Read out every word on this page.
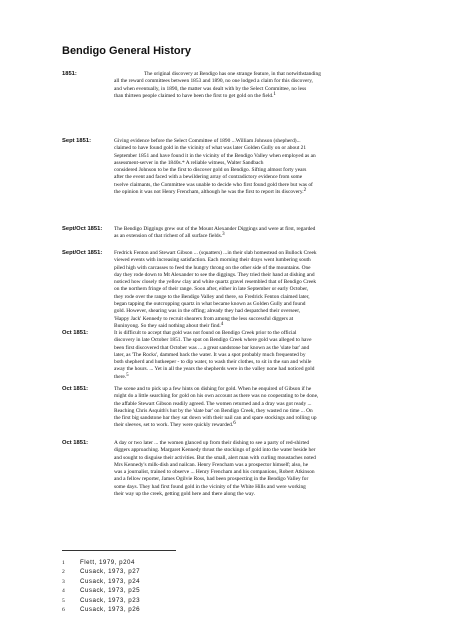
Bendigo General History
1851:	The original discovery at Bendigo has one strange feature, in that notwithstanding
all the reward committees between 1853 and 1890, no one lodged a claim for this discovery,
and when eventually, in 1890, the matter was dealt with by the Select Committee, no less
than thirteen people claimed to have been the first to get gold on the field.$^1$
Sept 1851:	Giving evidence before the Select Committee of 1890 ...William Johnson (shepherd)...
claimed to have found gold in the vicinity of what was later Golden Gully on or about 21
September 1851 and have found it in the vicinity of the Bendigo Valley when employed as an
assessment-server in the 1840s.* A reliable witness, Walter Sandbach
considered Johnson to be the first to discover gold on Bendigo. Sifting almost forty years
after the event and faced with a bewildering array of contradictory evidence from some
twelve claimants, the Committee was unable to decide who first found gold there but was of
the opinion it was not Henry Frencham, although he was the first to report its discovery.$^2$
Sept/Oct 1851:	The Bendigo Diggings grew out of the Mount Alexander Diggings and were at first, regarded
as an extension of that richest of all surface fields.$^3$
Sept/Oct 1851:	Fredrick Fenton and Stewart Gibson ... (squatters) ...in their slab homestead on Bullock Creek
viewed events with increasing satisfaction. Each morning their drays went lumbering south
piled high with carcasses to feed the hungry throng on the other side of the mountains. One
day they rode down to Mt Alexander to see the diggings. They tried their hand at dishing and
noticed how closely the yellow clay and white quartz gravel resembled that of Bendigo Creek
on the northern fringe of their range. Soon after, either in late September or early October,
they rode over the range to the Bendigo Valley and there, so Fredrick Fenton claimed later,
began tapping the outcropping quartz in what became known as Golden Gully and found
gold. However, shearing was in the offing; already they had despatched their overseer,
'Happy Jack' Kennedy to recruit shearers from among the less successful diggers at
Buninyong. So they said nothing about their find.$^4$
Oct 1851:	It is difficult to accept that gold was not found on Bendigo Creek prior to the official
discovery in late October 1851. The spot on Bendigo Creek where gold was alleged to have
been first discovered that October was ... a great sandstone bar known as the 'slate bar' and
later, as 'The Rocks', dammed back the water. It was a spot probably much frequented by
both shepherd and hutkeeper - to dip water, to wash their clothes, to sit in the sun and while
away the hours. ... Yet in all the years the shepherds were in the valley none had noticed gold
there.$^5$
Oct 1851:	The scene and to pick up a few hints on dishing for gold. When he enquired of Gibson if he
might do a little searching for gold on his own account as there was no cooperating to be done,
the affable Stewart Gibson readily agreed. The women returned and a dray was got ready ...
Reaching Chris Asquith's hut by the 'slate bar' on Bendigo Creek, they wasted no time ... On
the first big sandstone bar they sat down with their nail can and spare stockings and rolling up
their sleeves, set to work. They were quickly rewarded.$^6$
Oct 1851:	A day or two later ... the women glanced up from their dishing to see a party of red-shirted
diggers approaching. Margaret Kennedy thrust the stockings of gold into the water beside her
and sought to disguise their activities. But the small, alert man with curling moustaches noted
Mrs Kennedy's milk-dish and nailcan. Henry Frencham was a prospector himself; also, he
was a journalist, trained to observe ... Henry Frencham and his companions, Robert Atkinson
and a fellow reporter, James Ogilvie Ross, had been prospecting in the Bendigo Valley for
some days. They had first found gold in the vicinity of the White Hills and were working
their way up the creek, getting gold here and there along the way.
1 Flett, 1979, p204
2 Cusack, 1973, p27
3 Cusack, 1973, p24
4 Cusack, 1973, p25
5 Cusack, 1973, p23
6 Cusack, 1973, p26
